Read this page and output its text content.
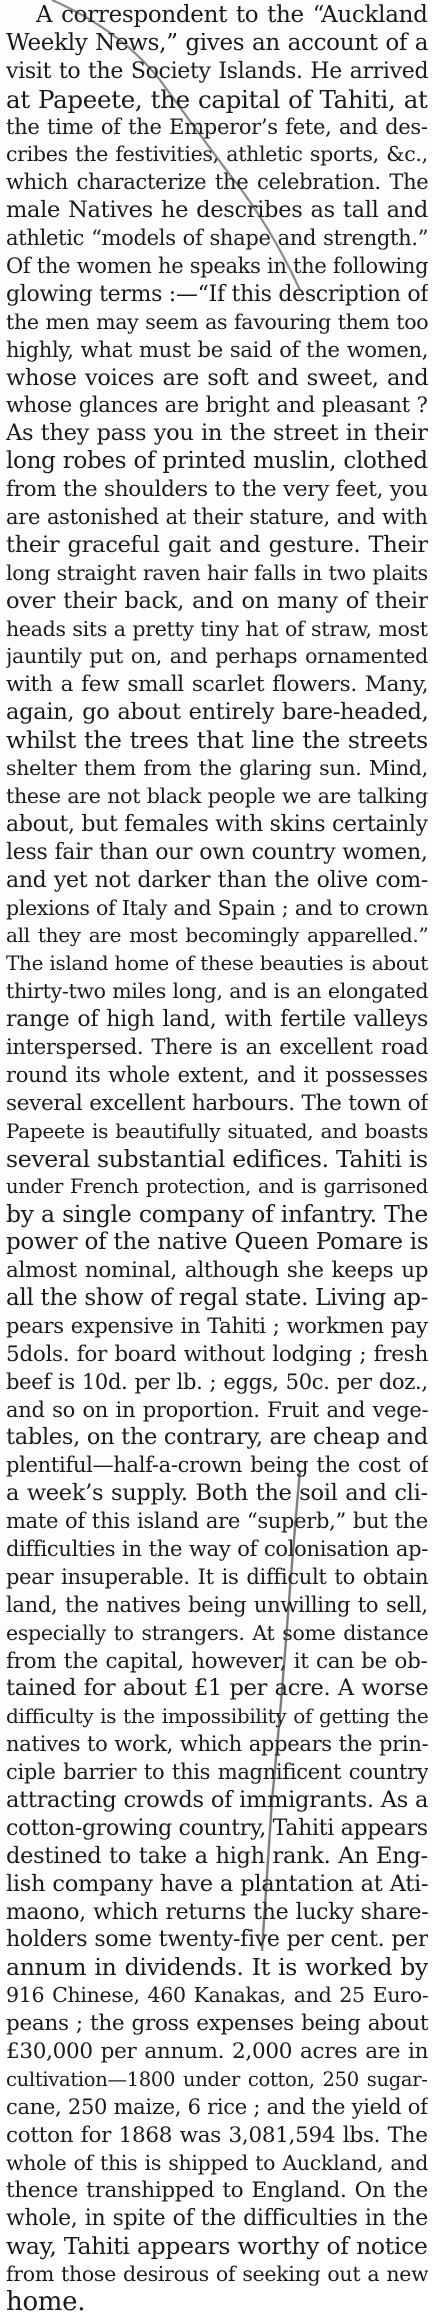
A correspondent to the “Auckland
Weekly News,” gives an account of a
visit to the Society Islands. He arrived
at Papeete, the capital of Tahiti, at
the time of the Emperor’s fete, and des-
cribes the festivities, athletic sports, &c.,
which characterize the celebration. The
male Natives he describes as tall and
athletic “models of shape and strength.”
Of the women he speaks in the following
glowing terms :—“If this description of
the men may seem as favouring them too
highly, what must be said of the women,
whose voices are soft and sweet, and
whose glances are bright and pleasant ?
As they pass you in the street in their
long robes of printed muslin, clothed
from the shoulders to the very feet, you
are astonished at their stature, and with
their graceful gait and gesture. Their
long straight raven hair falls in two plaits
over their back, and on many of their
heads sits a pretty tiny hat of straw, most
jauntily put on, and perhaps ornamented
with a few small scarlet flowers. Many,
again, go about entirely bare-headed,
whilst the trees that line the streets
shelter them from the glaring sun. Mind,
these are not black people we are talking
about, but females with skins certainly
less fair than our own country women,
and yet not darker than the olive com-
plexions of Italy and Spain ; and to crown
all they are most becomingly apparelled.”
The island home of these beauties is about
thirty-two miles long, and is an elongated
range of high land, with fertile valleys
interspersed. There is an excellent road
round its whole extent, and it possesses
several excellent harbours. The town of
Papeete is beautifully situated, and boasts
several substantial edifices. Tahiti is
under French protection, and is garrisoned
by a single company of infantry. The
power of the native Queen Pomare is
almost nominal, although she keeps up
all the show of regal state. Living ap-
pears expensive in Tahiti ; workmen pay
5dols. for board without lodging ; fresh
beef is 10d. per lb. ; eggs, 50c. per doz.,
and so on in proportion. Fruit and vege-
tables, on the contrary, are cheap and
plentiful—half-a-crown being the cost of
a week’s supply. Both the soil and cli-
mate of this island are “superb,” but the
difficulties in the way of colonisation ap-
pear insuperable. It is difficult to obtain
land, the natives being unwilling to sell,
especially to strangers. At some distance
from the capital, however, it can be ob-
tained for about £1 per acre. A worse
difficulty is the impossibility of getting the
natives to work, which appears the prin-
ciple barrier to this magnificent country
attracting crowds of immigrants. As a
cotton-growing country, Tahiti appears
destined to take a high rank. An Eng-
lish company have a plantation at Ati-
maono, which returns the lucky share-
holders some twenty-five per cent. per
annum in dividends. It is worked by
916 Chinese, 460 Kanakas, and 25 Euro-
peans ; the gross expenses being about
£30,000 per annum. 2,000 acres are in
cultivation—1800 under cotton, 250 sugar-
cane, 250 maize, 6 rice ; and the yield of
cotton for 1868 was 3,081,594 lbs. The
whole of this is shipped to Auckland, and
thence transhipped to England. On the
whole, in spite of the difficulties in the
way, Tahiti appears worthy of notice
from those desirous of seeking out a new
home.
